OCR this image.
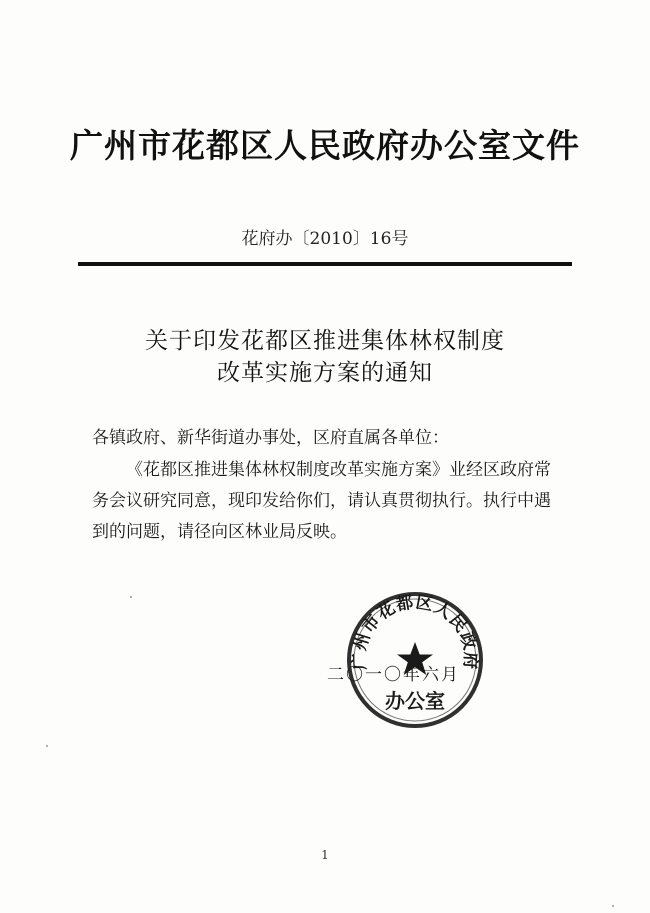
广州市花都区人民政府办公室文件
花府办〔2010〕16号
关于印发花都区推进集体林权制度
改革实施方案的通知
各镇政府、新华街道办事处，区府直属各单位：
《花都区推进集体林权制度改革实施方案》业经区政府常
务会议研究同意，现印发给你们，请认真贯彻执行。执行中遇
到的问题，请径向区林业局反映。
二〇一〇年六月
广州市花都区人民政府
办公室
1
